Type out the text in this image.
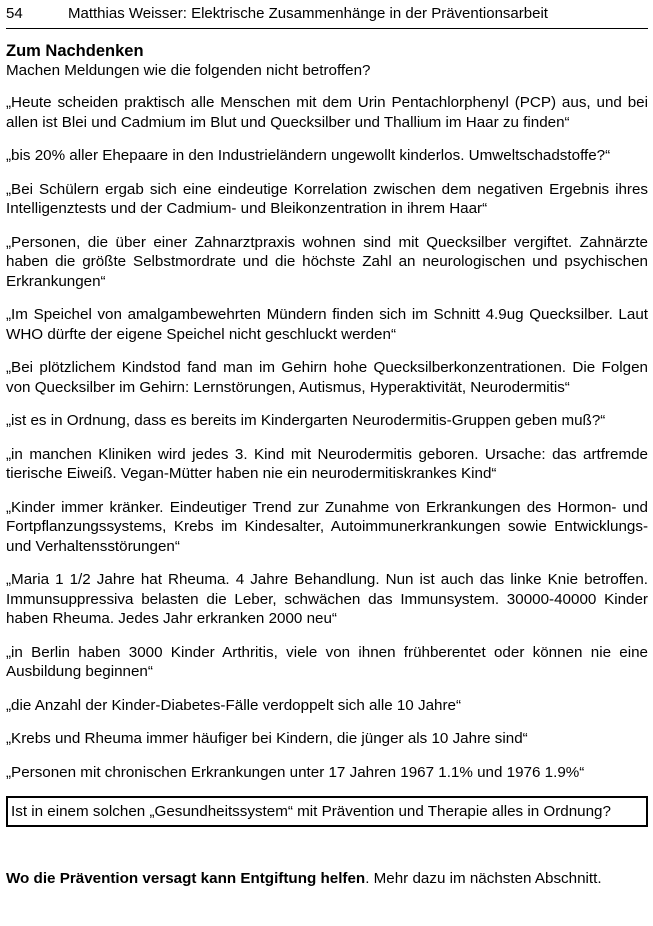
54	Matthias Weisser: Elektrische Zusammenhänge in der Präventionsarbeit
Zum Nachdenken

Machen Meldungen wie die folgenden nicht betroffen?

„Heute scheiden praktisch alle Menschen mit dem Urin Pentachlorphenyl (PCP) aus, und bei allen ist Blei und Cadmium im Blut und Quecksilber und Thallium im Haar zu finden“

„bis 20% aller Ehepaare in den Industrieländern ungewollt kinderlos. Umweltschadstoffe?“

„Bei Schülern ergab sich eine eindeutige Korrelation zwischen dem negativen Ergebnis ihres Intelligenztests und der Cadmium- und Bleikonzentration in ihrem Haar“

„Personen, die über einer Zahnarztpraxis wohnen sind mit Quecksilber vergiftet. Zahnärzte haben die größte Selbstmordrate und die höchste Zahl an neurologischen und psychischen Erkrankungen“

„Im Speichel von amalgambewehrten Mündern finden sich im Schnitt 4.9ug Quecksilber. Laut WHO dürfte der eigene Speichel nicht geschluckt werden“

„Bei plötzlichem Kindstod fand man im Gehirn hohe Quecksilberkonzentrationen. Die Folgen von Quecksilber im Gehirn: Lernstörungen, Autismus, Hyperaktivität, Neurodermitis“

„ist es in Ordnung, dass es bereits im Kindergarten Neurodermitis-Gruppen geben muß?“

„in manchen Kliniken wird jedes 3. Kind mit Neurodermitis geboren. Ursache: das artfremde tierische Eiweiß. Vegan-Mütter haben nie ein neurodermitiskrankes Kind“

„Kinder immer kränker. Eindeutiger Trend zur Zunahme von Erkrankungen des Hormon- und Fortpflanzungssystems, Krebs im Kindesalter, Autoimmunerkrankungen sowie Entwicklungs- und Verhaltensstörungen“

„Maria 1 1/2 Jahre hat Rheuma. 4 Jahre Behandlung. Nun ist auch das linke Knie betroffen. Immunsuppressiva belasten die Leber, schwächen das Immunsystem. 30000-40000 Kinder haben Rheuma. Jedes Jahr erkranken 2000 neu“

„in Berlin haben 3000 Kinder Arthritis, viele von ihnen frühberentet oder können nie eine Ausbildung beginnen“

„die Anzahl der Kinder-Diabetes-Fälle verdoppelt sich alle 10 Jahre“

„Krebs und Rheuma immer häufiger bei Kindern, die jünger als 10 Jahre sind“

„Personen mit chronischen Erkrankungen unter 17 Jahren 1967 1.1% und 1976 1.9%“

Ist in einem solchen „Gesundheitssystem“ mit Prävention und Therapie alles in Ordnung?

Wo die Prävention versagt kann Entgiftung helfen. Mehr dazu im nächsten Abschnitt.
